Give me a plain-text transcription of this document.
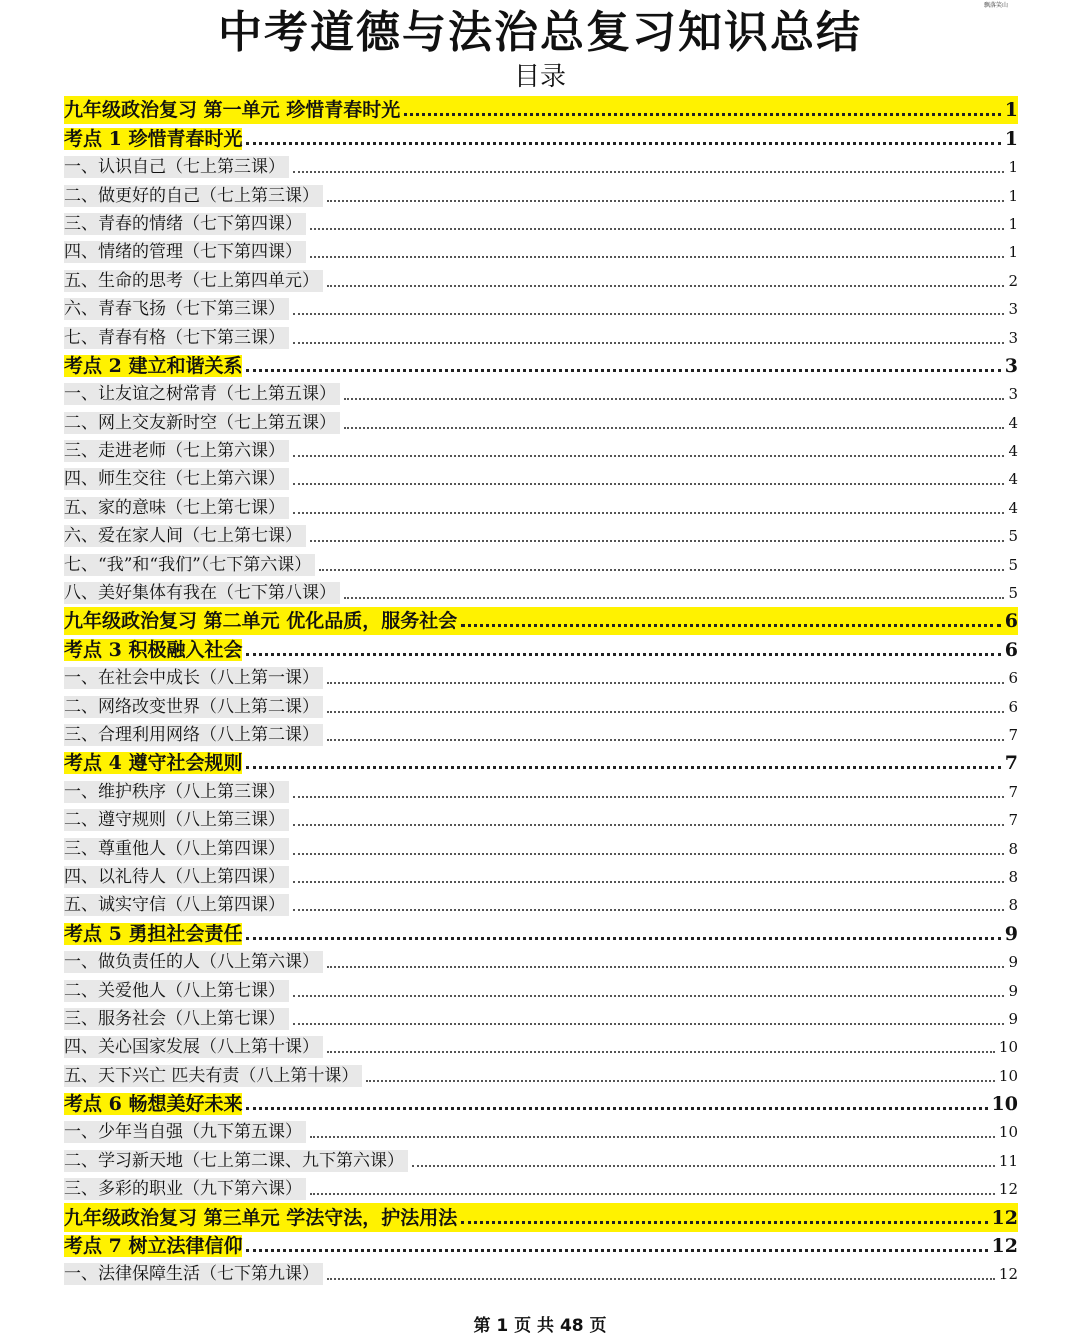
飘落笑山
中考道德与法治总复习知识总结
目录
九年级政治复习 第一单元 珍惜青春时光	1
考点 1 珍惜青春时光	1
一、认识自己（七上第三课）	1
二、做更好的自己（七上第三课）	1
三、青春的情绪（七下第四课）	1
四、情绪的管理（七下第四课）	1
五、生命的思考（七上第四单元）	2
六、青春飞扬（七下第三课）	3
七、青春有格（七下第三课）	3
考点 2 建立和谐关系	3
一、让友谊之树常青（七上第五课）	3
二、网上交友新时空（七上第五课）	4
三、走进老师（七上第六课）	4
四、师生交往（七上第六课）	4
五、家的意味（七上第七课）	4
六、爱在家人间（七上第七课）	5
七、“我”和“我们”（七下第六课）	5
八、美好集体有我在（七下第八课）	5
九年级政治复习 第二单元 优化品质，服务社会	6
考点 3 积极融入社会	6
一、在社会中成长（八上第一课）	6
二、网络改变世界（八上第二课）	6
三、合理利用网络（八上第二课）	7
考点 4 遵守社会规则	7
一、维护秩序（八上第三课）	7
二、遵守规则（八上第三课）	7
三、尊重他人（八上第四课）	8
四、以礼待人（八上第四课）	8
五、诚实守信（八上第四课）	8
考点 5 勇担社会责任	9
一、做负责任的人（八上第六课）	9
二、关爱他人（八上第七课）	9
三、服务社会（八上第七课）	9
四、关心国家发展（八上第十课）	10
五、天下兴亡 匹夫有责（八上第十课）	10
考点 6 畅想美好未来	10
一、少年当自强（九下第五课）	10
二、学习新天地（七上第二课、九下第六课）	11
三、多彩的职业（九下第六课）	12
九年级政治复习 第三单元 学法守法，护法用法	12
考点 7 树立法律信仰	12
一、法律保障生活（七下第九课）	12
第 1 页 共 48 页
